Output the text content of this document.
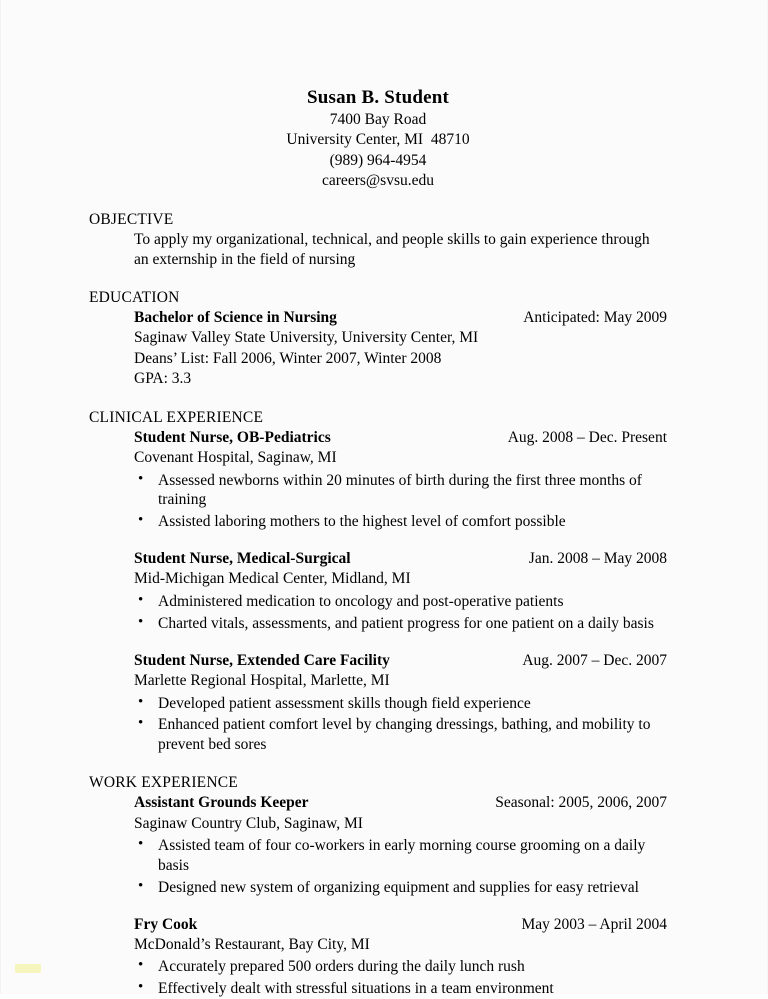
Susan B. Student
7400 Bay Road
University Center, MI  48710
(989) 964-4954
careers@svsu.edu
OBJECTIVE
To apply my organizational, technical, and people skills to gain experience through an externship in the field of nursing
EDUCATION
Bachelor of Science in Nursing	Anticipated: May 2009
Saginaw Valley State University, University Center, MI
Deans’ List: Fall 2006, Winter 2007, Winter 2008
GPA: 3.3
CLINICAL EXPERIENCE
Student Nurse, OB-Pediatrics	Aug. 2008 – Dec. Present
Covenant Hospital, Saginaw, MI
• Assessed newborns within 20 minutes of birth during the first three months of training
• Assisted laboring mothers to the highest level of comfort possible
Student Nurse, Medical-Surgical	Jan. 2008 – May 2008
Mid-Michigan Medical Center, Midland, MI
• Administered medication to oncology and post-operative patients
• Charted vitals, assessments, and patient progress for one patient on a daily basis
Student Nurse, Extended Care Facility	Aug. 2007 – Dec. 2007
Marlette Regional Hospital, Marlette, MI
• Developed patient assessment skills though field experience
• Enhanced patient comfort level by changing dressings, bathing, and mobility to prevent bed sores
WORK EXPERIENCE
Assistant Grounds Keeper	Seasonal: 2005, 2006, 2007
Saginaw Country Club, Saginaw, MI
• Assisted team of four co-workers in early morning course grooming on a daily basis
• Designed new system of organizing equipment and supplies for easy retrieval
Fry Cook	May 2003 – April 2004
McDonald’s Restaurant, Bay City, MI
• Accurately prepared 500 orders during the daily lunch rush
• Effectively dealt with stressful situations in a team environment
